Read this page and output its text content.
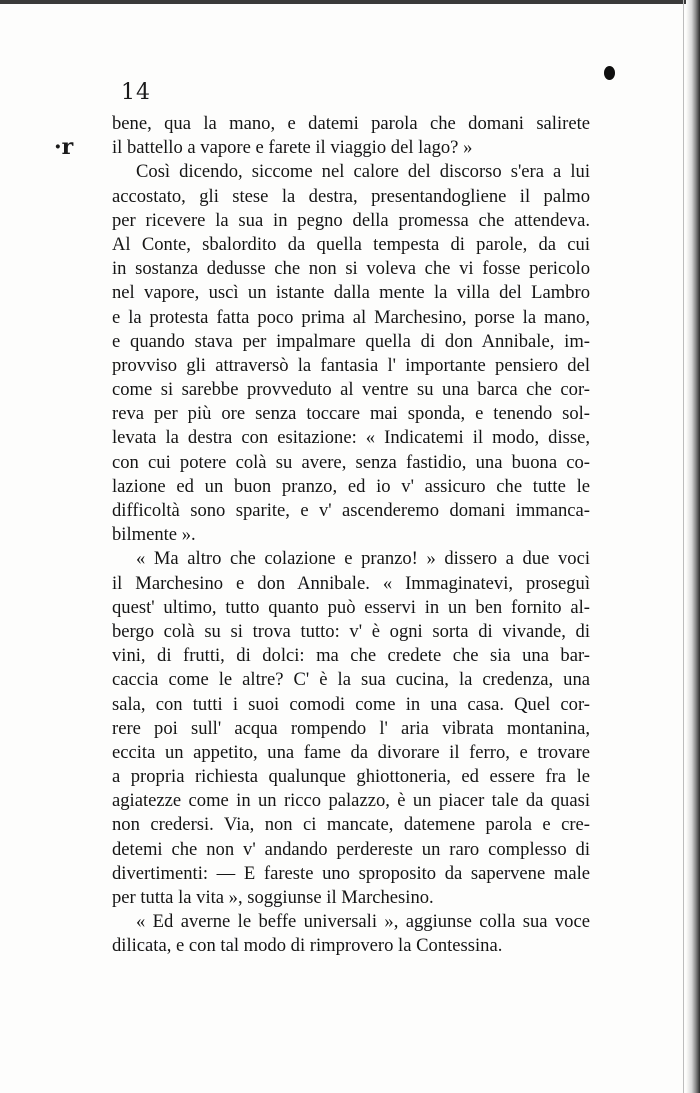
14
·r
bene, qua la mano, e datemi parola che domani salirete
il battello a vapore e farete il viaggio del lago? »
Così dicendo, siccome nel calore del discorso s'era a lui
accostato, gli stese la destra, presentandogliene il palmo
per ricevere la sua in pegno della promessa che attendeva.
Al Conte, sbalordito da quella tempesta di parole, da cui
in sostanza dedusse che non si voleva che vi fosse pericolo
nel vapore, uscì un istante dalla mente la villa del Lambro
e la protesta fatta poco prima al Marchesino, porse la mano,
e quando stava per impalmare quella di don Annibale, im-
provviso gli attraversò la fantasia l' importante pensiero del
come si sarebbe provveduto al ventre su una barca che cor-
reva per più ore senza toccare mai sponda, e tenendo sol-
levata la destra con esitazione: « Indicatemi il modo, disse,
con cui potere colà su avere, senza fastidio, una buona co-
lazione ed un buon pranzo, ed io v' assicuro che tutte le
difficoltà sono sparite, e v' ascenderemo domani immanca-
bilmente ».
« Ma altro che colazione e pranzo! » dissero a due voci
il Marchesino e don Annibale. « Immaginatevi, proseguì
quest' ultimo, tutto quanto può esservi in un ben fornito al-
bergo colà su si trova tutto: v' è ogni sorta di vivande, di
vini, di frutti, di dolci: ma che credete che sia una bar-
caccia come le altre? C' è la sua cucina, la credenza, una
sala, con tutti i suoi comodi come in una casa. Quel cor-
rere poi sull' acqua rompendo l' aria vibrata montanina,
eccita un appetito, una fame da divorare il ferro, e trovare
a propria richiesta qualunque ghiottoneria, ed essere fra le
agiatezze come in un ricco palazzo, è un piacer tale da quasi
non credersi. Via, non ci mancate, datemene parola e cre-
detemi che non v' andando perdereste un raro complesso di
divertimenti: — E fareste uno sproposito da sapervene male
per tutta la vita », soggiunse il Marchesino.
« Ed averne le beffe universali », aggiunse colla sua voce
dilicata, e con tal modo di rimprovero la Contessina.
